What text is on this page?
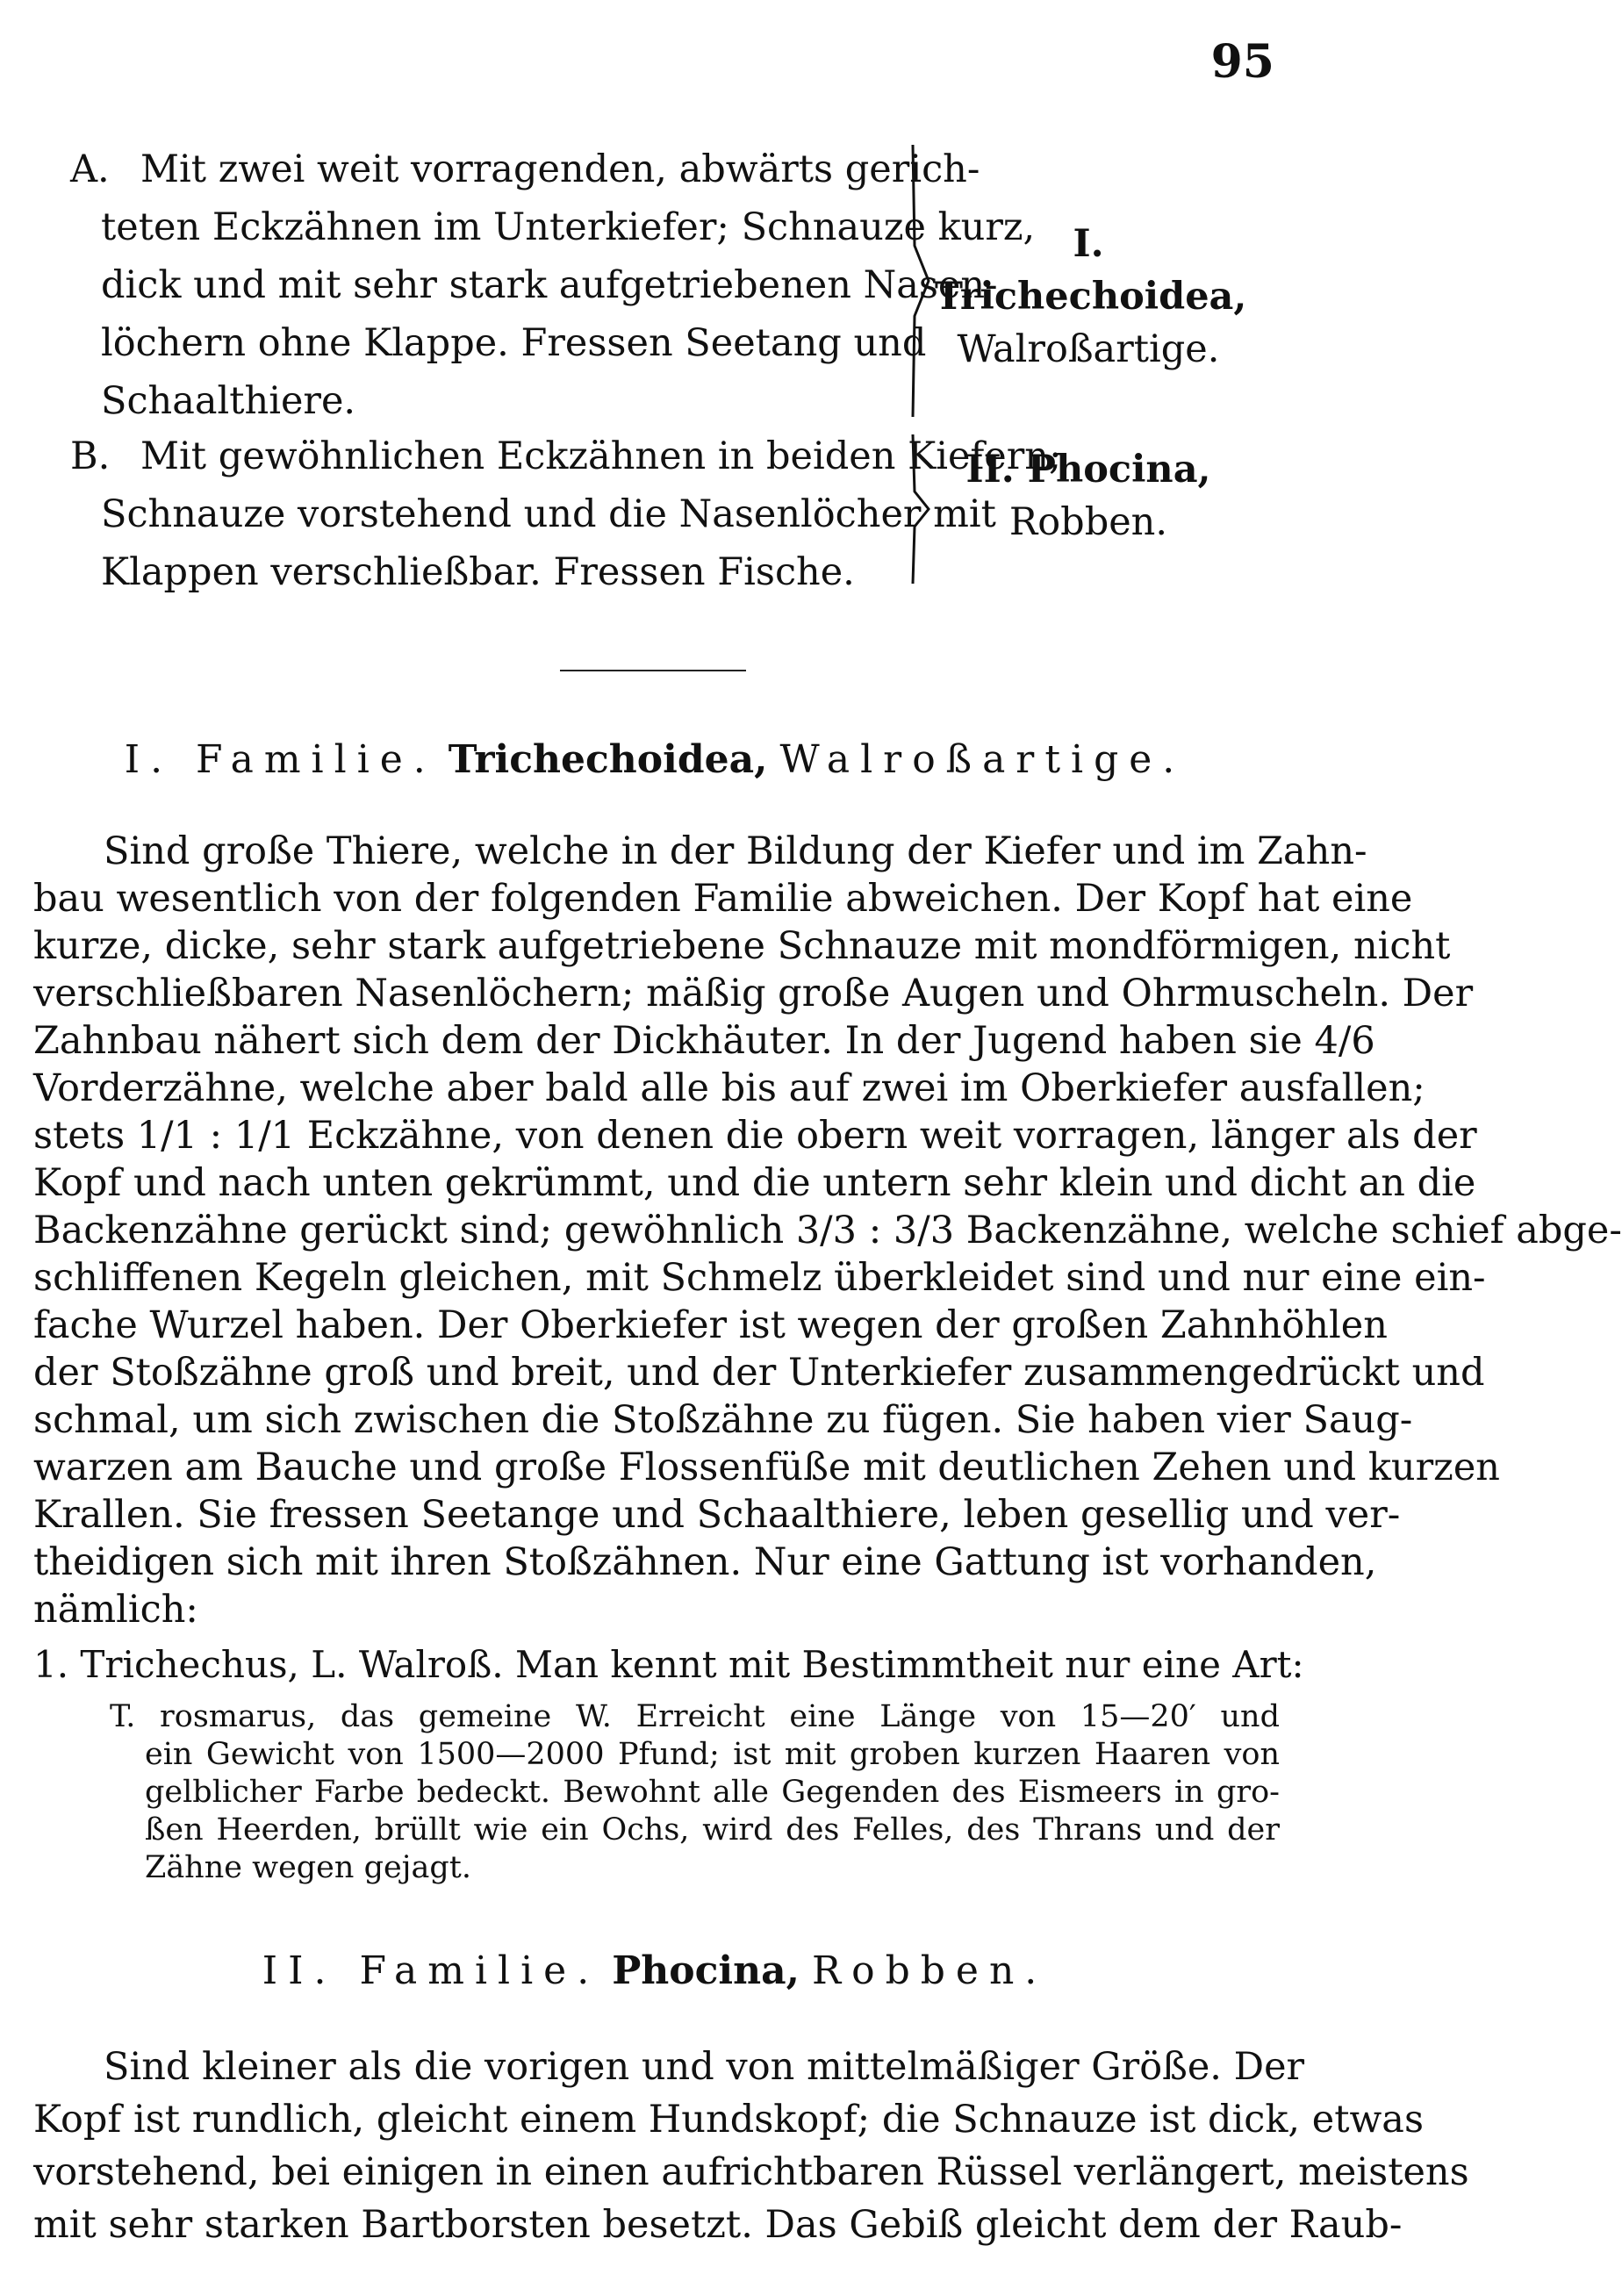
95
A. Mit zwei weit vorragenden, abwärts gerich-
teten Eckzähnen im Unterkiefer; Schnauze kurz,
dick und mit sehr stark aufgetriebenen Nasen-
löchern ohne Klappe. Fressen Seetang und
Schaalthiere.
I. Trichechoidea,
Walroßartige.
B. Mit gewöhnlichen Eckzähnen in beiden Kiefern;
Schnauze vorstehend und die Nasenlöcher mit
Klappen verschließbar. Fressen Fische.
II. Phocina,
Robben.
I. Familie. Trichechoidea, Walroßartige.
Sind große Thiere, welche in der Bildung der Kiefer und im Zahn-
bau wesentlich von der folgenden Familie abweichen. Der Kopf hat eine
kurze, dicke, sehr stark aufgetriebene Schnauze mit mondförmigen, nicht
verschließbaren Nasenlöchern; mäßig große Augen und Ohrmuscheln. Der
Zahnbau nähert sich dem der Dickhäuter. In der Jugend haben sie 4/6
Vorderzähne, welche aber bald alle bis auf zwei im Oberkiefer ausfallen;
stets 1/1 : 1/1 Eckzähne, von denen die obern weit vorragen, länger als der
Kopf und nach unten gekrümmt, und die untern sehr klein und dicht an die
Backenzähne gerückt sind; gewöhnlich 3/3 : 3/3 Backenzähne, welche schief abge-
schliffenen Kegeln gleichen, mit Schmelz überkleidet sind und nur eine ein-
fache Wurzel haben. Der Oberkiefer ist wegen der großen Zahnhöhlen
der Stoßzähne groß und breit, und der Unterkiefer zusammengedrückt und
schmal, um sich zwischen die Stoßzähne zu fügen. Sie haben vier Saug-
warzen am Bauche und große Flossenfüße mit deutlichen Zehen und kurzen
Krallen. Sie fressen Seetange und Schaalthiere, leben gesellig und ver-
theidigen sich mit ihren Stoßzähnen. Nur eine Gattung ist vorhanden,
nämlich:
1. Trichechus, L. Walroß. Man kennt mit Bestimmtheit nur eine Art:
T. rosmarus, das gemeine W. Erreicht eine Länge von 15—20′ und
ein Gewicht von 1500—2000 Pfund; ist mit groben kurzen Haaren von
gelblicher Farbe bedeckt. Bewohnt alle Gegenden des Eismeers in gro-
ßen Heerden, brüllt wie ein Ochs, wird des Felles, des Thrans und der
Zähne wegen gejagt.
II. Familie. Phocina, Robben.
Sind kleiner als die vorigen und von mittelmäßiger Größe. Der
Kopf ist rundlich, gleicht einem Hundskopf; die Schnauze ist dick, etwas
vorstehend, bei einigen in einen aufrichtbaren Rüssel verlängert, meistens
mit sehr starken Bartborsten besetzt. Das Gebiß gleicht dem der Raub-
